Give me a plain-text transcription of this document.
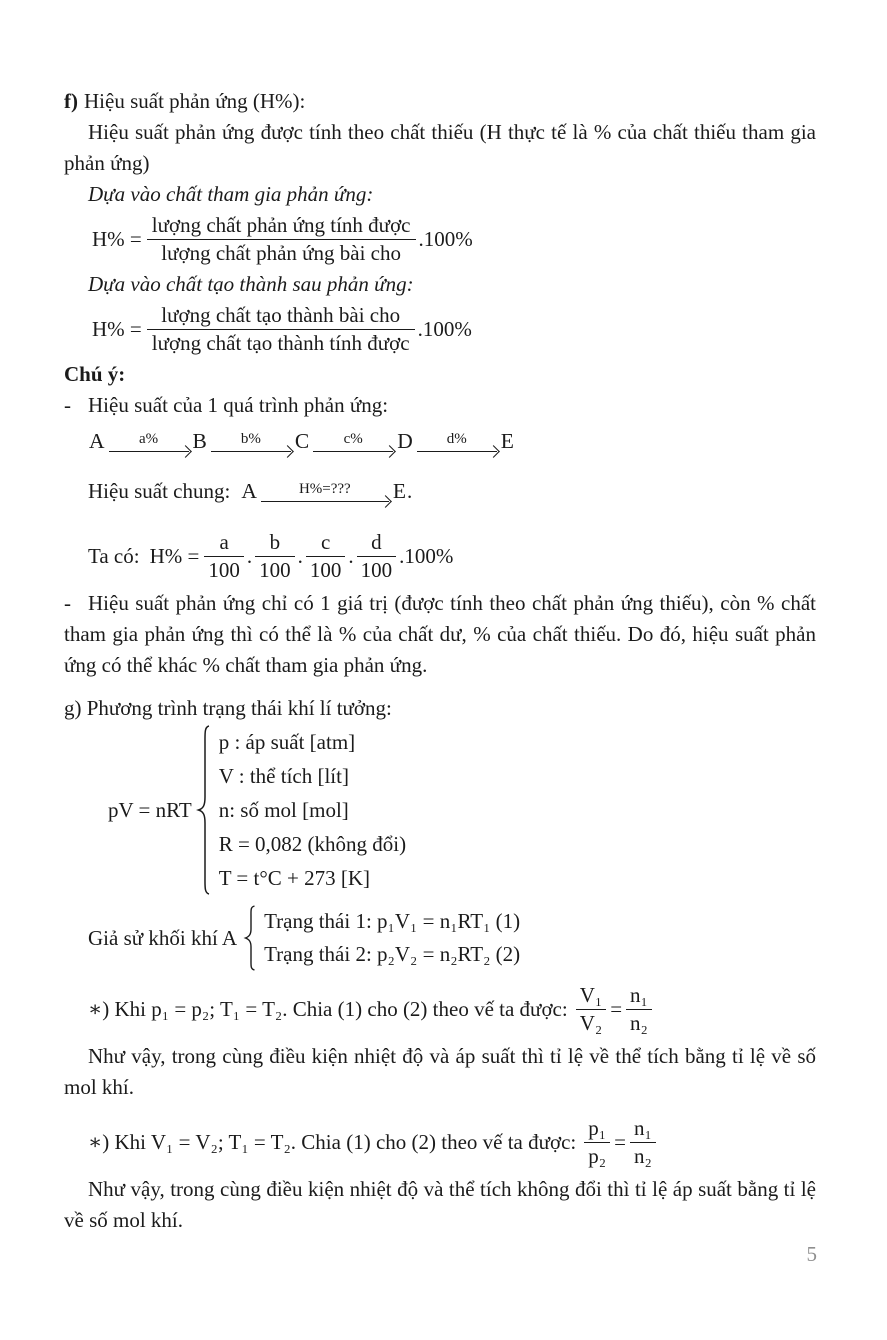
f) Hiệu suất phản ứng (H%):

Hiệu suất phản ứng được tính theo chất thiếu (H thực tế là % của chất thiếu tham gia phản ứng)

Dựa vào chất tham gia phản ứng:
$H\% = \frac{\text{lượng chất phản ứng tính được}}{\text{lượng chất phản ứng bài cho}} .100\%$
Dựa vào chất tạo thành sau phản ứng:
$H\% = \frac{\text{lượng chất tạo thành bài cho}}{\text{lượng chất tạo thành tính được}} .100\%$
Chú ý:
- Hiệu suất của 1 quá trình phản ứng:
A	a%	B	b%	C	c%	D	d%	E
Hiệu suất chung: A	H%=???	E.
Ta có: $H\% = \frac{a}{100}$ . $\frac{b}{100}$ . $\frac{c}{100}$ . $\frac{d}{100} .100\%$

- Hiệu suất phản ứng chỉ có 1 giá trị (được tính theo chất phản ứng thiếu), còn % chất tham gia phản ứng thì có thể là % của chất dư, % của chất thiếu. Do đó, hiệu suất phản ứng có thể khác % chất tham gia phản ứng.

g) Phương trình trạng thái khí lí tưởng:
pV = nRT
p : áp suất [atm]
V : thể tích [lít]
n: số mol [mol]
R = 0,082 (không đổi)
T = t°C + 273 [K]
Giả sử khối khí A
Trạng thái 1: p₁V₁ = n₁RT₁ (1)
Trạng thái 2: p₂V₂ = n₂RT₂ (2)
∗) Khi p₁ = p₂; T₁ = T₂. Chia (1) cho (2) theo vế ta được: $\frac{\text{V₁}}{\text{V₂}} = \frac{\text{n₁}}{\text{n₂}}$

Như vậy, trong cùng điều kiện nhiệt độ và áp suất thì tỉ lệ về thể tích bằng tỉ lệ về số mol khí.

∗) Khi V₁ = V₂; T₁ = T₂. Chia (1) cho (2) theo vế ta được: $\frac{\text{p₁}}{\text{p₂}} = \frac{\text{n₁}}{\text{n₂}}$

Như vậy, trong cùng điều kiện nhiệt độ và thể tích không đổi thì tỉ lệ áp suất bằng tỉ lệ về số mol khí.

5
